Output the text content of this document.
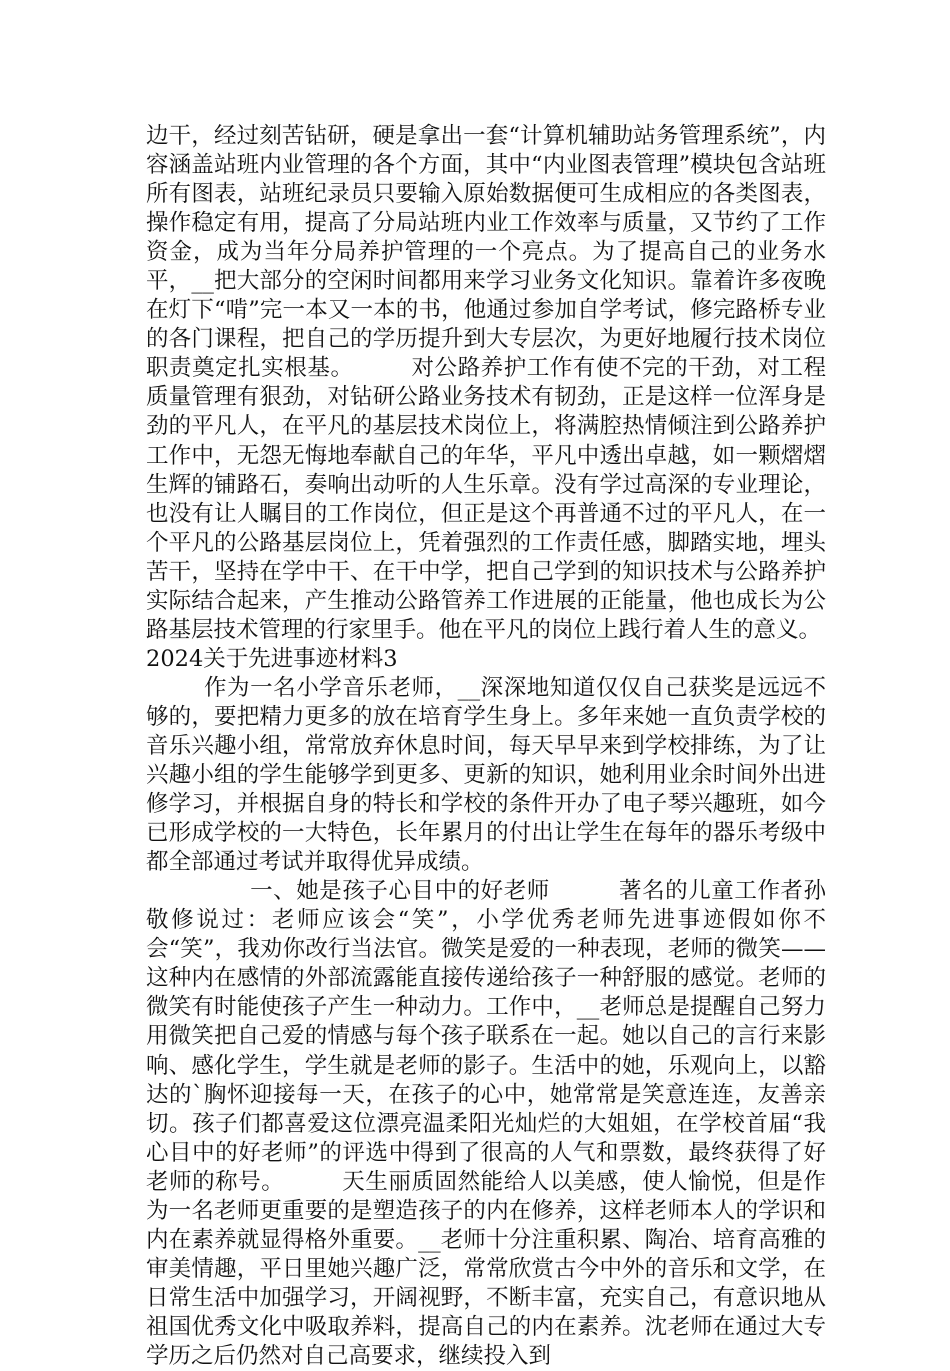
边干，经过刻苦钻研，硬是拿出一套“计算机辅助站务管理系统”，内容涵盖站班内业管理的各个方面，其中“内业图表管理”模块包含站班所有图表，站班纪录员只要输入原始数据便可生成相应的各类图表，操作稳定有用，提高了分局站班内业工作效率与质量，又节约了工作资金，成为当年分局养护管理的一个亮点。为了提高自己的业务水平，__把大部分的空闲时间都用来学习业务文化知识。靠着许多夜晚在灯下“啃”完一本又一本的书，他通过参加自学考试，修完路桥专业的各门课程，把自己的学历提升到大专层次，为更好地履行技术岗位职责奠定扎实根基。　　　对公路养护工作有使不完的干劲，对工程质量管理有狠劲，对钻研公路业务技术有韧劲，正是这样一位浑身是劲的平凡人，在平凡的基层技术岗位上，将满腔热情倾注到公路养护工作中，无怨无悔地奉献自己的年华，平凡中透出卓越，如一颗熠熠生辉的铺路石，奏响出动听的人生乐章。没有学过高深的专业理论，也没有让人瞩目的工作岗位，但正是这个再普通不过的平凡人，在一个平凡的公路基层岗位上，凭着强烈的工作责任感，脚踏实地，埋头苦干，坚持在学中干、在干中学，把自己学到的知识技术与公路养护实际结合起来，产生推动公路管养工作进展的正能量，他也成长为公路基层技术管理的行家里手。他在平凡的岗位上践行着人生的意义。

2024关于先进事迹材料3

作为一名小学音乐老师，__深深地知道仅仅自己获奖是远远不够的，要把精力更多的放在培育学生身上。多年来她一直负责学校的音乐兴趣小组，常常放弃休息时间，每天早早来到学校排练，为了让兴趣小组的学生能够学到更多、更新的知识，她利用业余时间外出进修学习，并根据自身的特长和学校的条件开办了电子琴兴趣班，如今已形成学校的一大特色，长年累月的付出让学生在每年的器乐考级中都全部通过考试并取得优异成绩。

　　一、她是孩子心目中的好老师　　　著名的儿童工作者孙敬修说过：老师应该会“笑”，小学优秀老师先进事迹假如你不会“笑”，我劝你改行当法官。微笑是爱的一种表现，老师的微笑——这种内在感情的外部流露能直接传递给孩子一种舒服的感觉。老师的微笑有时能使孩子产生一种动力。工作中，__老师总是提醒自己努力用微笑把自己爱的情感与每个孩子联系在一起。她以自己的言行来影响、感化学生，学生就是老师的影子。生活中的她，乐观向上，以豁达的`胸怀迎接每一天，在孩子的心中，她常常是笑意连连，友善亲切。孩子们都喜爱这位漂亮温柔阳光灿烂的大姐姐，在学校首届“我心目中的好老师”的评选中得到了很高的人气和票数，最终获得了好老师的称号。　　　天生丽质固然能给人以美感，使人愉悦，但是作为一名老师更重要的是塑造孩子的内在修养，这样老师本人的学识和内在素养就显得格外重要。__老师十分注重积累、陶冶、培育高雅的审美情趣，平日里她兴趣广泛，常常欣赏古今中外的音乐和文学，在日常生活中加强学习，开阔视野，不断丰富，充实自己，有意识地从祖国优秀文化中吸取养料，提高自己的内在素养。沈老师在通过大专学历之后仍然对自己高要求，继续投入到
